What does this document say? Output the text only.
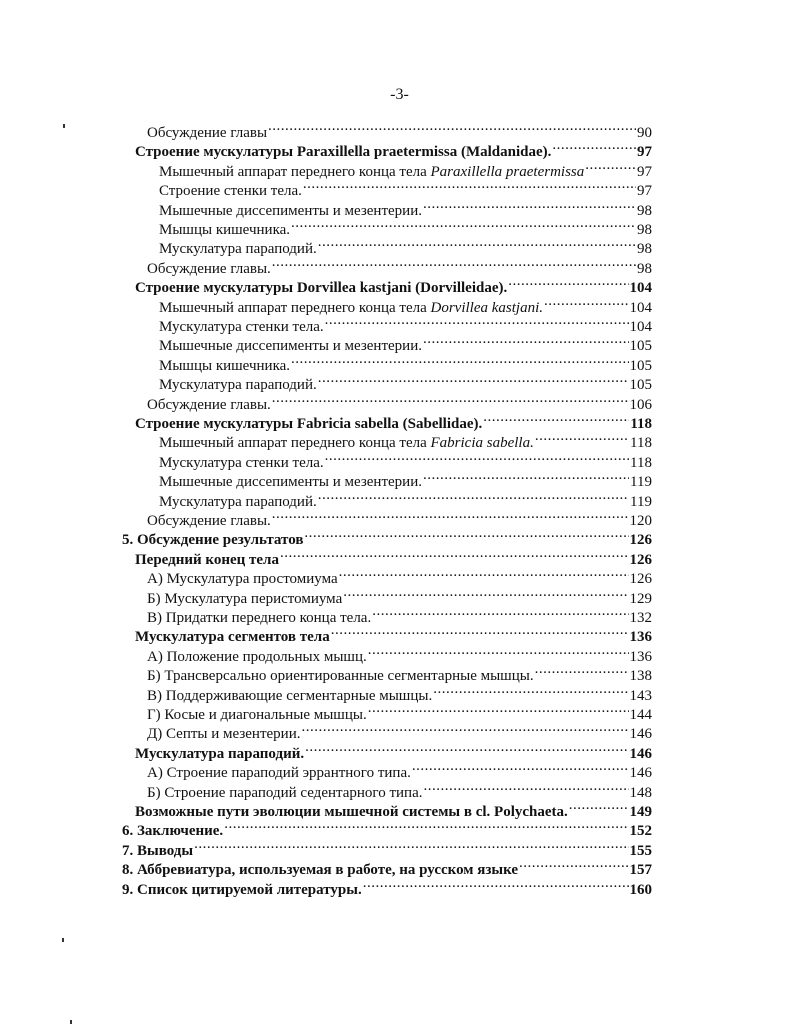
-3-
Обсуждение главы .....	90
Строение мускулатуры Paraxillella praetermissa (Maldanidae). .....	97
Мышечный аппарат переднего конца тела Paraxillella praetermissa .....	97
Строение стенки тела. .....	97
Мышечные диссепименты и мезентерии. .....	98
Мышцы кишечника. .....	98
Мускулатура параподий. .....	98
Обсуждение главы. .....	98
Строение мускулатуры Dorvillea kastjani (Dorvilleidae). .....	104
Мышечный аппарат переднего конца тела Dorvillea kastjani. .....	104
Мускулатура стенки тела. .....	104
Мышечные диссепименты и мезентерии. .....	105
Мышцы кишечника. .....	105
Мускулатура параподий. .....	105
Обсуждение главы. .....	106
Строение мускулатуры Fabricia sabella (Sabellidae). .....	118
Мышечный аппарат переднего конца тела Fabricia sabella. .....	118
Мускулатура стенки тела. .....	118
Мышечные диссепименты и мезентерии. .....	119
Мускулатура параподий. .....	119
Обсуждение главы. .....	120
5. Обсуждение результатов .....	126
Передний конец тела .....	126
А) Мускулатура простомиума .....	126
Б) Мускулатура перистомиума .....	129
В) Придатки переднего конца тела. .....	132
Мускулатура сегментов тела .....	136
А) Положение продольных мышц. .....	136
Б) Трансверсально ориентированные сегментарные мышцы. .....	138
В) Поддерживающие сегментарные мышцы. .....	143
Г) Косые и диагональные мышцы. .....	144
Д) Септы и мезентерии. .....	146
Мускулатура параподий. .....	146
А) Строение параподий эррантного типа. .....	146
Б) Строение параподий седентарного типа. .....	148
Возможные пути эволюции мышечной системы в cl. Polychaeta. .....	149
6. Заключение. .....	152
7. Выводы .....	155
8. Аббревиатура, используемая в работе, на русском языке .....	157
9. Список цитируемой литературы. .....	160
